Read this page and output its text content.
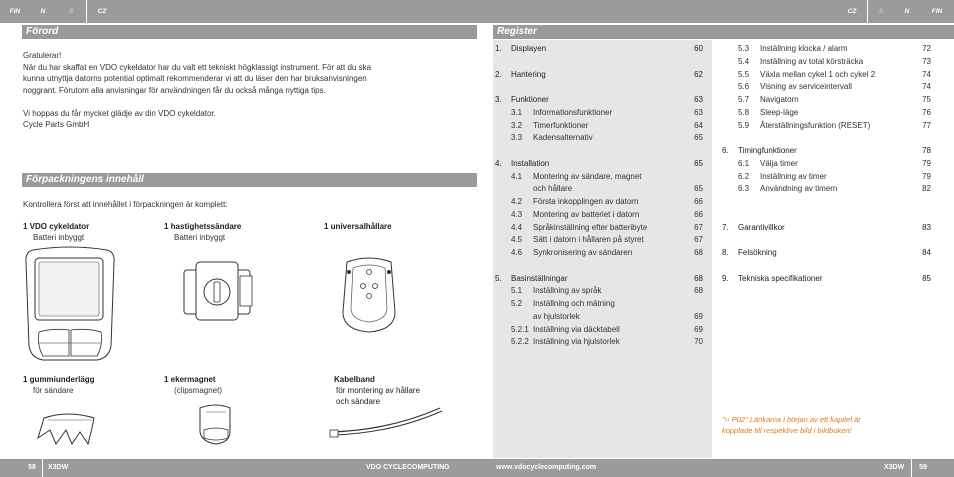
FIN	N	S	CZ
Förord
Gratulerar!
När du har skaffat en VDO cykeldator har du valt ett tekniskt högklassigt instrument. För att du ska
kunna utnyttja datorns potential optimalt rekommenderar vi att du läser den har bruksanvisningen
noggrant. Förutom alla anvisningar för användningen får du också många nyttiga tips.
Vi hoppas du får mycket glädje av din VDO cykeldator.
Cycle Parts GmbH
Förpackningens innehåll
Kontrollera först att innehållet i förpackningen är komplett:
1 VDO cykeldator
Batteri inbyggt
1 hastighetssändare
Batteri inbyggt
1 universalhållare
1 gummiunderlägg
för sändare
1 ekermagnet
(clipsmagnet)
Kabelband
för montering av hållare
och sändare
58	X3DW	VDO CYCLECOMPUTING
CZ	S	N	FIN
Register
1. Displayen	60
2. Hantering	62
3. Funktioner	63
3.1 Informationsfunktioner	63
3.2 Timerfunktioner	64
3.3 Kadensalternativ	65
4. Installation	65
4.1 Montering av sändare, magnet
och hållare	65
4.2 Första inkopplingen av datorn	66
4.3 Montering av batteriet i datorn	66
4.4 Språkinställning efter batteribyte	67
4.5 Sätt i datorn i hållaren på styret	67
4.6 Synkronisering av sändaren	68
5. Basinställningar	68
5.1 Inställning av språk	68
5.2 Inställning och mätning
av hjulstorlek	69
5.2.1 Inställning via däcktabell	69
5.2.2 Inställning via hjulstorlek	70
5.3 Inställning klocka / alarm	72
5.4 Inställning av total körsträcka	73
5.5 Växla mellan cykel 1 och cykel 2	74
5.6 Visning av serviceintervall	74
5.7 Navigatorn	75
5.8 Sleep-läge	76
5.9 Återställningsfunktion (RESET)	77
6. Timingfunktioner	78
6.1 Välja timer	79
6.2 Inställning av timer	79
6.3 Användning av timern	82
7. Garantivillkor	83
8. Felsökning	84
9. Tekniska specifikationer	85
"›› P02" Länkarna i början av ett kapitel är
kopplade till respektive bild i bildboken!
www.vdocyclecomputing.com	X3DW	59
